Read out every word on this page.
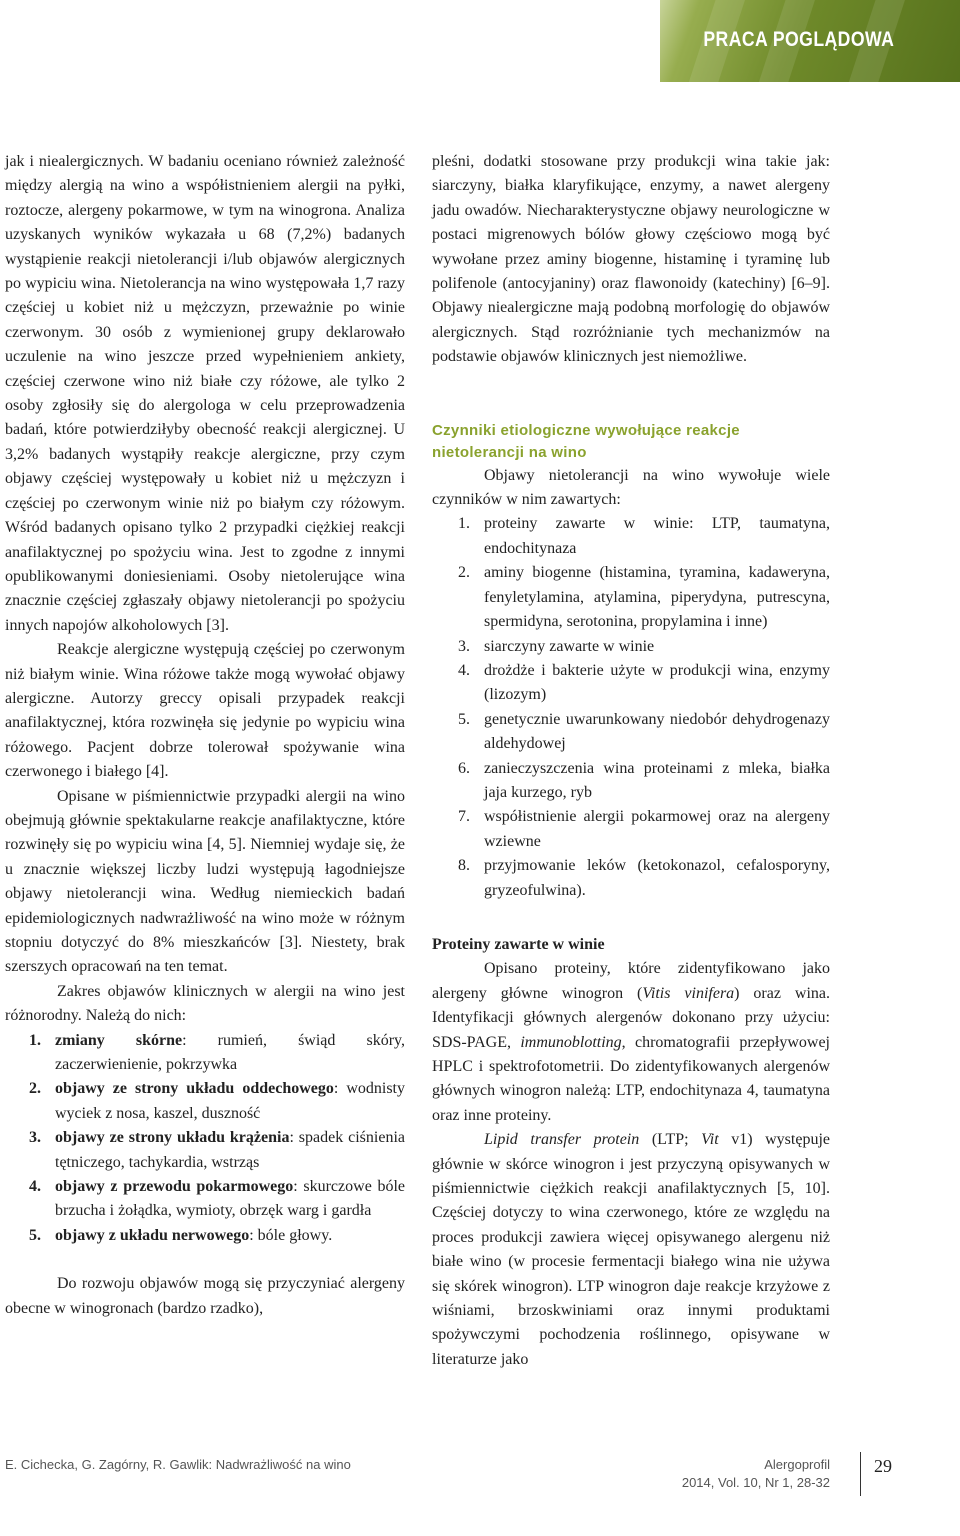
PRACA POGLĄDOWA

jak i niealergicznych. W badaniu oceniano również zależność między alergią na wino a współistnieniem alergii na pyłki, roztocze, alergeny pokarmowe, w tym na winogrona. Analiza uzyskanych wyników wykazała u 68 (7,2%) badanych wystąpienie reakcji nietolerancji i/lub objawów alergicznych po wypiciu wina. Nietolerancja na wino występowała 1,7 razy częściej u kobiet niż u mężczyzn, przeważnie po winie czerwonym. 30 osób z wymienionej grupy deklarowało uczulenie na wino jeszcze przed wypełnieniem ankiety, częściej czerwone wino niż białe czy różowe, ale tylko 2 osoby zgłosiły się do alergologa w celu przeprowadzenia badań, które potwierdziłyby obecność reakcji alergicznej. U 3,2% badanych wystąpiły reakcje alergiczne, przy czym objawy częściej występowały u kobiet niż u mężczyzn i częściej po czerwonym winie niż po białym czy różowym. Wśród badanych opisano tylko 2 przypadki ciężkiej reakcji anafilaktycznej po spożyciu wina. Jest to zgodne z innymi opublikowanymi doniesieniami. Osoby nietolerujące wina znacznie częściej zgłaszały objawy nietolerancji po spożyciu innych napojów alkoholowych [3].

Reakcje alergiczne występują częściej po czerwonym niż białym winie. Wina różowe także mogą wywołać objawy alergiczne. Autorzy greccy opisali przypadek reakcji anafilaktycznej, która rozwinęła się jedynie po wypiciu wina różowego. Pacjent dobrze tolerował spożywanie wina czerwonego i białego [4].

Opisane w piśmiennictwie przypadki alergii na wino obejmują głównie spektakularne reakcje anafilaktyczne, które rozwinęły się po wypiciu wina [4, 5]. Niemniej wydaje się, że u znacznie większej liczby ludzi występują łagodniejsze objawy nietolerancji wina. Według niemieckich badań epidemiologicznych nadwrażliwość na wino może w różnym stopniu dotyczyć do 8% mieszkańców [3]. Niestety, brak szerszych opracowań na ten temat.

Zakres objawów klinicznych w alergii na wino jest różnorodny. Należą do nich:

1. zmiany skórne: rumień, świąd skóry, zaczerwienienie, pokrzywka
2. objawy ze strony układu oddechowego: wodnisty wyciek z nosa, kaszel, duszność
3. objawy ze strony układu krążenia: spadek ciśnienia tętniczego, tachykardia, wstrząs
4. objawy z przewodu pokarmowego: skurczowe bóle brzucha i żołądka, wymioty, obrzęk warg i gardła
5. objawy z układu nerwowego: bóle głowy.

Do rozwoju objawów mogą się przyczyniać alergeny obecne w winogronach (bardzo rzadko),

pleśni, dodatki stosowane przy produkcji wina takie jak: siarczyny, białka klaryfikujące, enzymy, a nawet alergeny jadu owadów. Niecharakterystyczne objawy neurologiczne w postaci migrenowych bólów głowy częściowo mogą być wywołane przez aminy biogenne, histaminę i tyraminę lub polifenole (antocyjaniny) oraz flawonoidy (katechiny) [6–9]. Objawy niealergiczne mają podobną morfologię do objawów alergicznych. Stąd rozróżnianie tych mechanizmów na podstawie objawów klinicznych jest niemożliwe.

Czynniki etiologiczne wywołujące reakcje nietolerancji na wino

Objawy nietolerancji na wino wywołuje wiele czynników w nim zawartych:

1. proteiny zawarte w winie: LTP, taumatyna, endochitynaza
2. aminy biogenne (histamina, tyramina, kadaweryna, fenyletylamina, atylamina, piperydyna, putrescyna, spermidyna, serotonina, propylamina i inne)
3. siarczyny zawarte w winie
4. drożdże i bakterie użyte w produkcji wina, enzymy (lizozym)
5. genetycznie uwarunkowany niedobór dehydrogenazy aldehydowej
6. zanieczyszczenia wina proteinami z mleka, białka jaja kurzego, ryb
7. współistnienie alergii pokarmowej oraz na alergeny wziewne
8. przyjmowanie leków (ketokonazol, cefalosporyny, gryzeofulwina).
Proteiny zawarte w winie

Opisano proteiny, które zidentyfikowano jako alergeny główne winogron (Vitis vinifera) oraz wina. Identyfikacji głównych alergenów dokonano przy użyciu: SDS-PAGE, immunoblotting, chromatografii przepływowej HPLC i spektrofotometrii. Do zidentyfikowanych alergenów głównych winogron należą: LTP, endochitynaza 4, taumatyna oraz inne proteiny.

Lipid transfer protein (LTP; Vit v1) występuje głównie w skórce winogron i jest przyczyną opisywanych w piśmiennictwie ciężkich reakcji anafilaktycznych [5, 10]. Częściej dotyczy to wina czerwonego, które ze względu na proces produkcji zawiera więcej opisywanego alergenu niż białe wino (w procesie fermentacji białego wina nie używa się skórek winogron). LTP winogron daje reakcje krzyżowe z wiśniami, brzoskwiniami oraz innymi produktami spożywczymi pochodzenia roślinnego, opisywane w literaturze jako

E. Cichecka, G. Zagórny, R. Gawlik: Nadwrażliwość na wino	Alergoprofil
2014, Vol. 10, Nr 1, 28-32
29
